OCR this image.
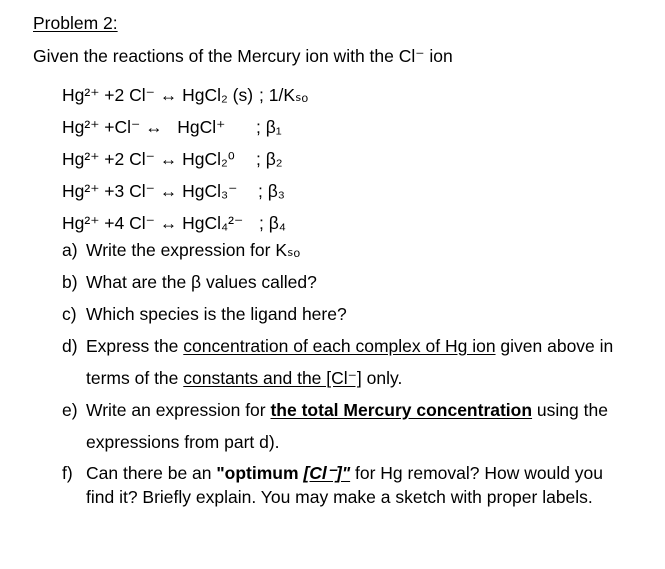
Problem 2:
Given the reactions of the Mercury ion with the Cl⁻ ion
Hg²⁺ +2 Cl⁻ ↔ HgCl₂ (s) ; 1/Kₛₒ
Hg²⁺ +Cl⁻ ↔   HgCl⁺ ; β₁
Hg²⁺ +2 Cl⁻ ↔ HgCl₂⁰ ; β₂
Hg²⁺ +3 Cl⁻ ↔ HgCl₃⁻ ; β₃
Hg²⁺ +4 Cl⁻ ↔ HgCl₄²⁻ ; β₄
a) Write the expression for Kₛₒ
b) What are the β values called?
c) Which species is the ligand here?
d) Express the concentration of each complex of Hg ion given above in terms of the constants and the [Cl⁻] only.
e) Write an expression for the total Mercury concentration using the expressions from part d).
f) Can there be an "optimum [Cl⁻]" for Hg removal? How would you find it? Briefly explain. You may make a sketch with proper labels.
